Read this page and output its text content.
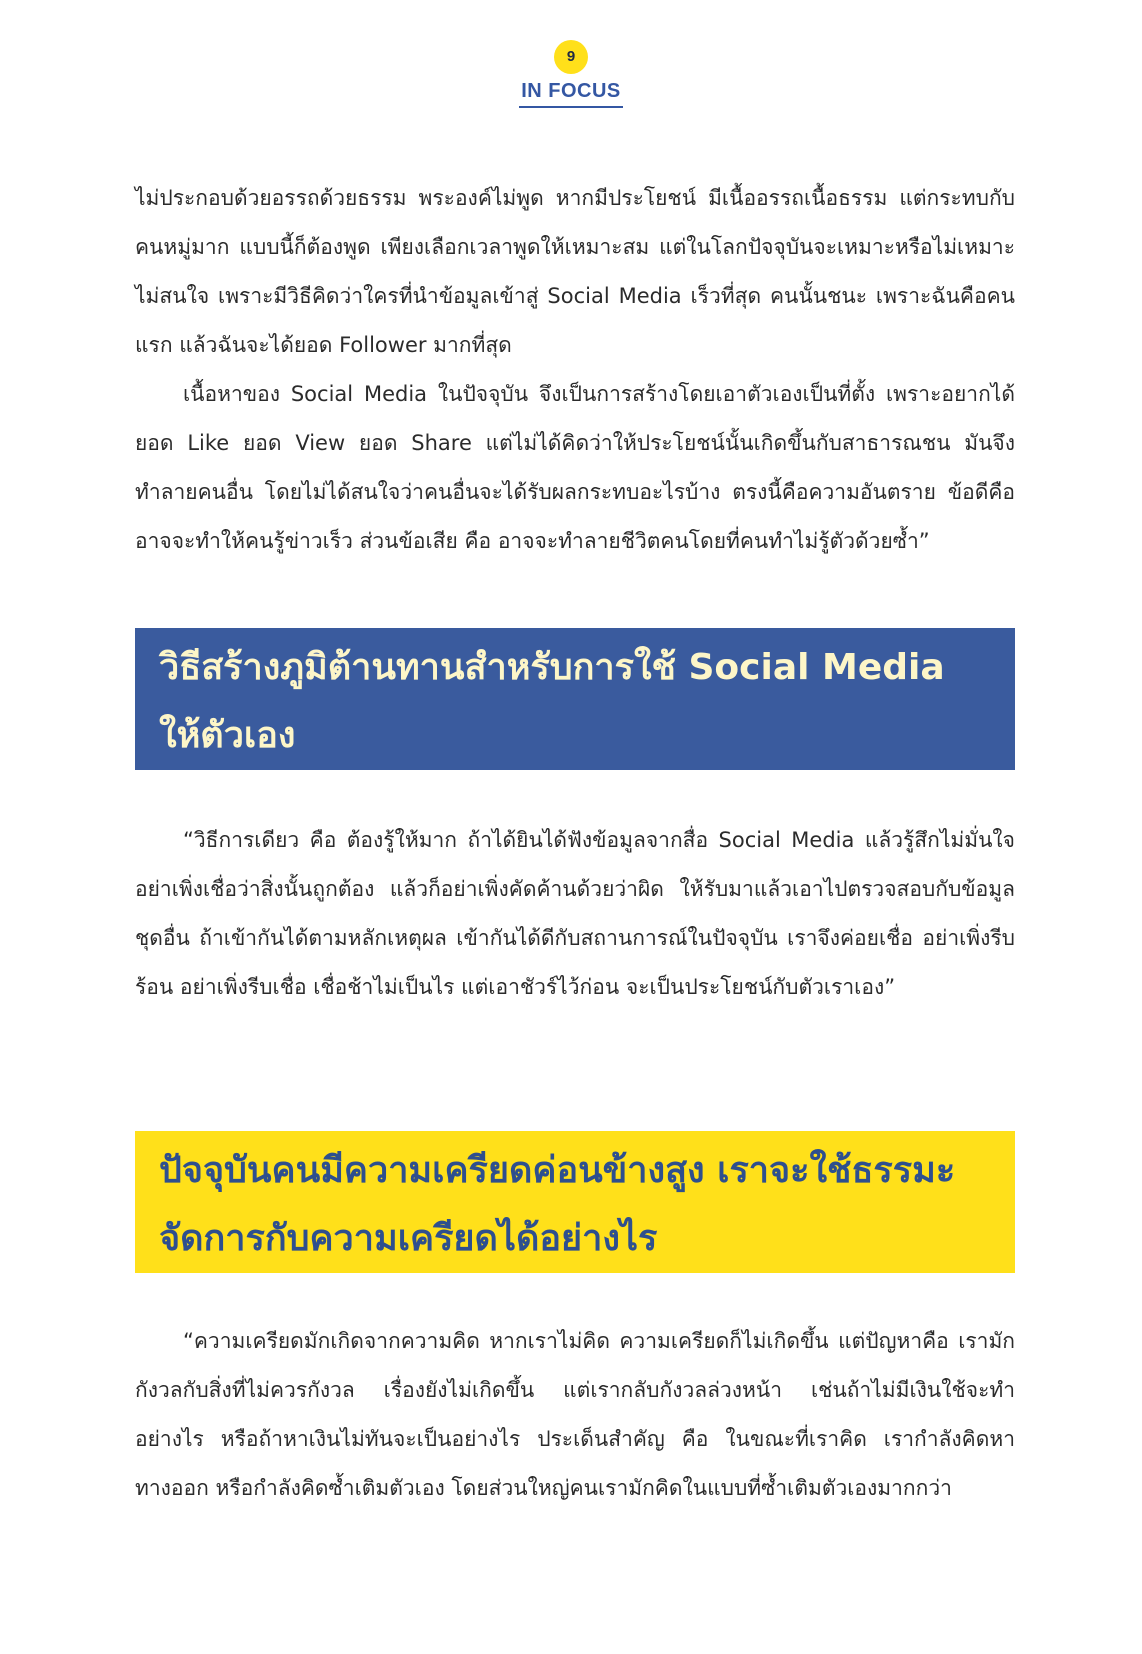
9
IN FOCUS

ไม่ประกอบด้วยอรรถด้วยธรรม พระองค์ไม่พูด หากมีประโยชน์ มีเนื้ออรรถเนื้อธรรม แต่กระทบกับคนหมู่มาก แบบนี้ก็ต้องพูด เพียงเลือกเวลาพูดให้เหมาะสม แต่ในโลกปัจจุบันจะเหมาะหรือไม่เหมาะ ไม่สนใจ เพราะมีวิธีคิดว่าใครที่นำข้อมูลเข้าสู่ Social Media เร็วที่สุด คนนั้นชนะ เพราะฉันคือคนแรก แล้วฉันจะได้ยอด Follower มากที่สุด

เนื้อหาของ Social Media ในปัจจุบัน จึงเป็นการสร้างโดยเอาตัวเองเป็นที่ตั้ง เพราะอยากได้ยอด Like ยอด View ยอด Share แต่ไม่ได้คิดว่าให้ประโยชน์นั้นเกิดขึ้นกับสาธารณชน มันจึงทำลายคนอื่น โดยไม่ได้สนใจว่าคนอื่นจะได้รับผลกระทบอะไรบ้าง ตรงนี้คือความอันตราย ข้อดีคือ อาจจะทำให้คนรู้ข่าวเร็ว ส่วนข้อเสีย คือ อาจจะทำลายชีวิตคนโดยที่คนทำไม่รู้ตัวด้วยซ้ำ”

วิธีสร้างภูมิต้านทานสำหรับการใช้ Social Media ให้ตัวเอง

“วิธีการเดียว คือ ต้องรู้ให้มาก ถ้าได้ยินได้ฟังข้อมูลจากสื่อ Social Media แล้วรู้สึกไม่มั่นใจ อย่าเพิ่งเชื่อว่าสิ่งนั้นถูกต้อง แล้วก็อย่าเพิ่งคัดค้านด้วยว่าผิด ให้รับมาแล้วเอาไปตรวจสอบกับข้อมูลชุดอื่น ถ้าเข้ากันได้ตามหลักเหตุผล เข้ากันได้ดีกับสถานการณ์ในปัจจุบัน เราจึงค่อยเชื่อ อย่าเพิ่งรีบร้อน อย่าเพิ่งรีบเชื่อ เชื่อช้าไม่เป็นไร แต่เอาชัวร์ไว้ก่อน จะเป็นประโยชน์กับตัวเราเอง”

ปัจจุบันคนมีความเครียดค่อนข้างสูง เราจะใช้ธรรมะจัดการกับความเครียดได้อย่างไร

“ความเครียดมักเกิดจากความคิด หากเราไม่คิด ความเครียดก็ไม่เกิดขึ้น แต่ปัญหาคือ เรามักกังวลกับสิ่งที่ไม่ควรกังวล เรื่องยังไม่เกิดขึ้น แต่เรากลับกังวลล่วงหน้า เช่นถ้าไม่มีเงินใช้จะทำอย่างไร หรือถ้าหาเงินไม่ทันจะเป็นอย่างไร ประเด็นสำคัญ คือ ในขณะที่เราคิด เรากำลังคิดหาทางออก หรือกำลังคิดซ้ำเติมตัวเอง โดยส่วนใหญ่คนเรามักคิดในแบบที่ซ้ำเติมตัวเองมากกว่า
